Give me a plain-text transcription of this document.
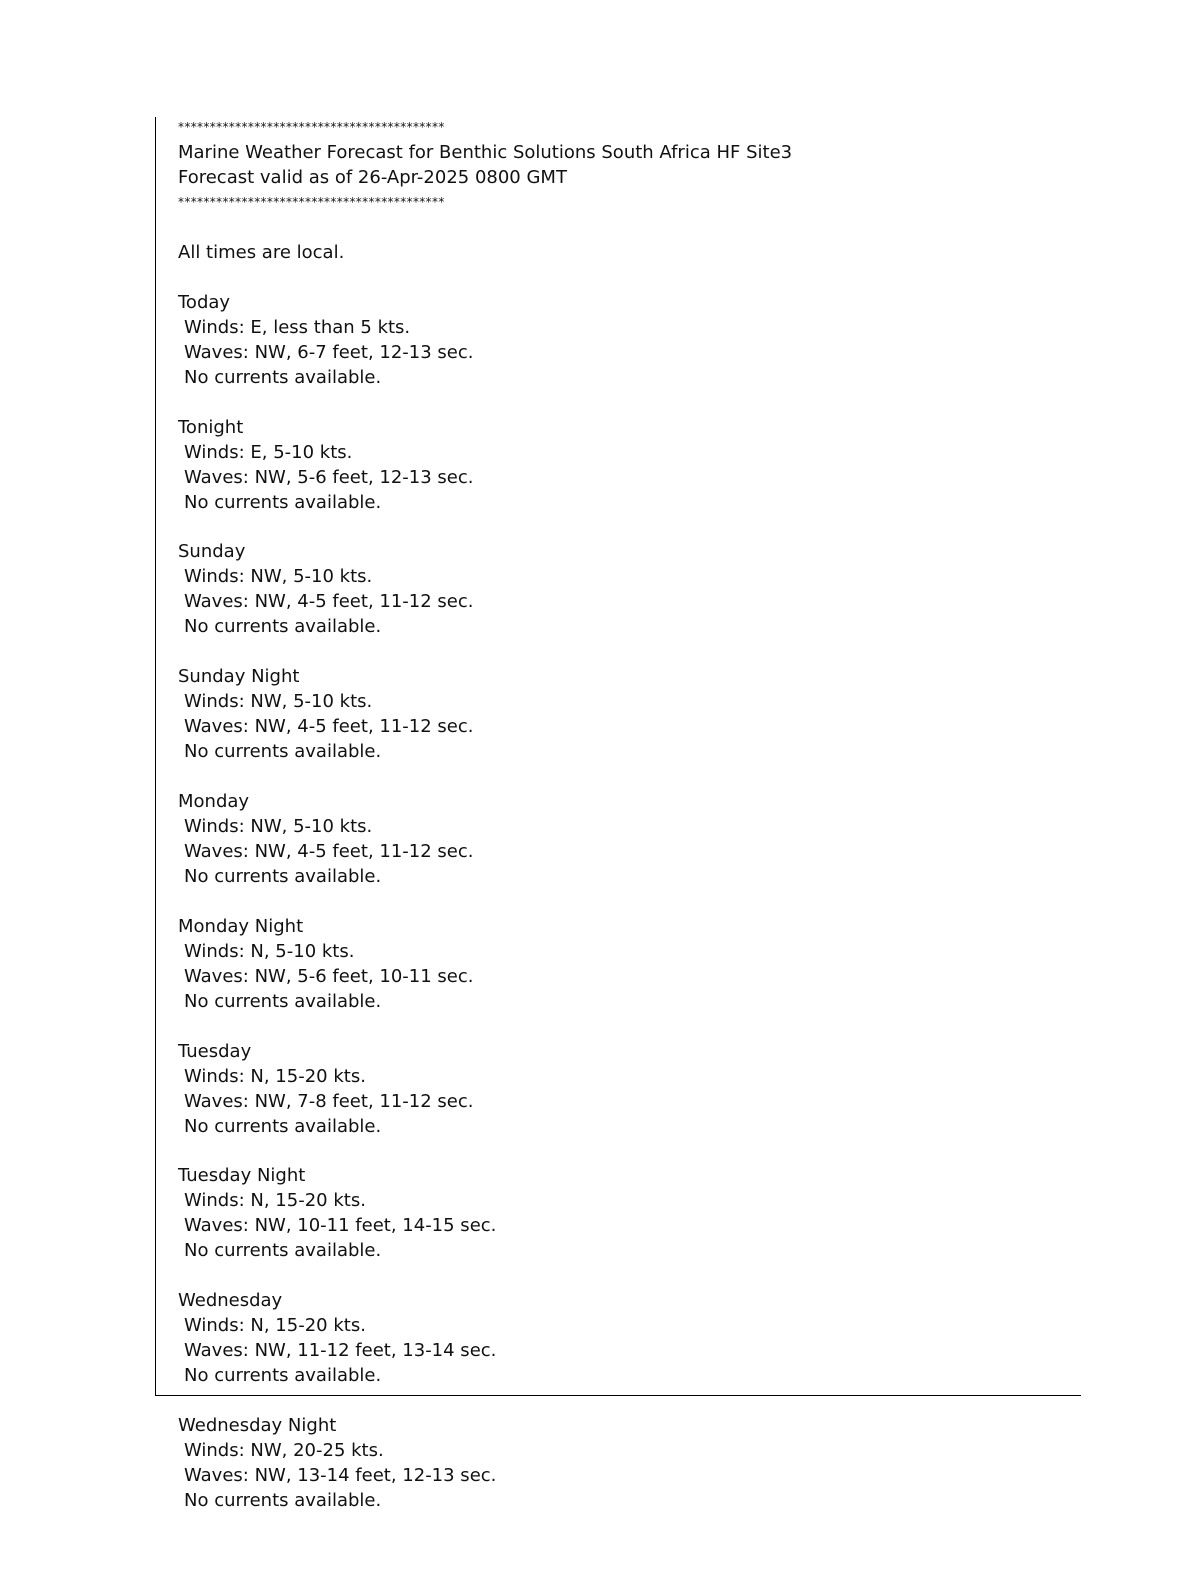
******************************************
Marine Weather Forecast for Benthic Solutions South Africa HF Site3
Forecast valid as of 26-Apr-2025 0800 GMT
******************************************
All times are local.
Today
Winds: E, less than 5 kts.
Waves: NW, 6-7 feet, 12-13 sec.
No currents available.
Tonight
Winds: E, 5-10 kts.
Waves: NW, 5-6 feet, 12-13 sec.
No currents available.
Sunday
Winds: NW, 5-10 kts.
Waves: NW, 4-5 feet, 11-12 sec.
No currents available.
Sunday Night
Winds: NW, 5-10 kts.
Waves: NW, 4-5 feet, 11-12 sec.
No currents available.
Monday
Winds: NW, 5-10 kts.
Waves: NW, 4-5 feet, 11-12 sec.
No currents available.
Monday Night
Winds: N, 5-10 kts.
Waves: NW, 5-6 feet, 10-11 sec.
No currents available.
Tuesday
Winds: N, 15-20 kts.
Waves: NW, 7-8 feet, 11-12 sec.
No currents available.
Tuesday Night
Winds: N, 15-20 kts.
Waves: NW, 10-11 feet, 14-15 sec.
No currents available.
Wednesday
Winds: N, 15-20 kts.
Waves: NW, 11-12 feet, 13-14 sec.
No currents available.
Wednesday Night
Winds: NW, 20-25 kts.
Waves: NW, 13-14 feet, 12-13 sec.
No currents available.
